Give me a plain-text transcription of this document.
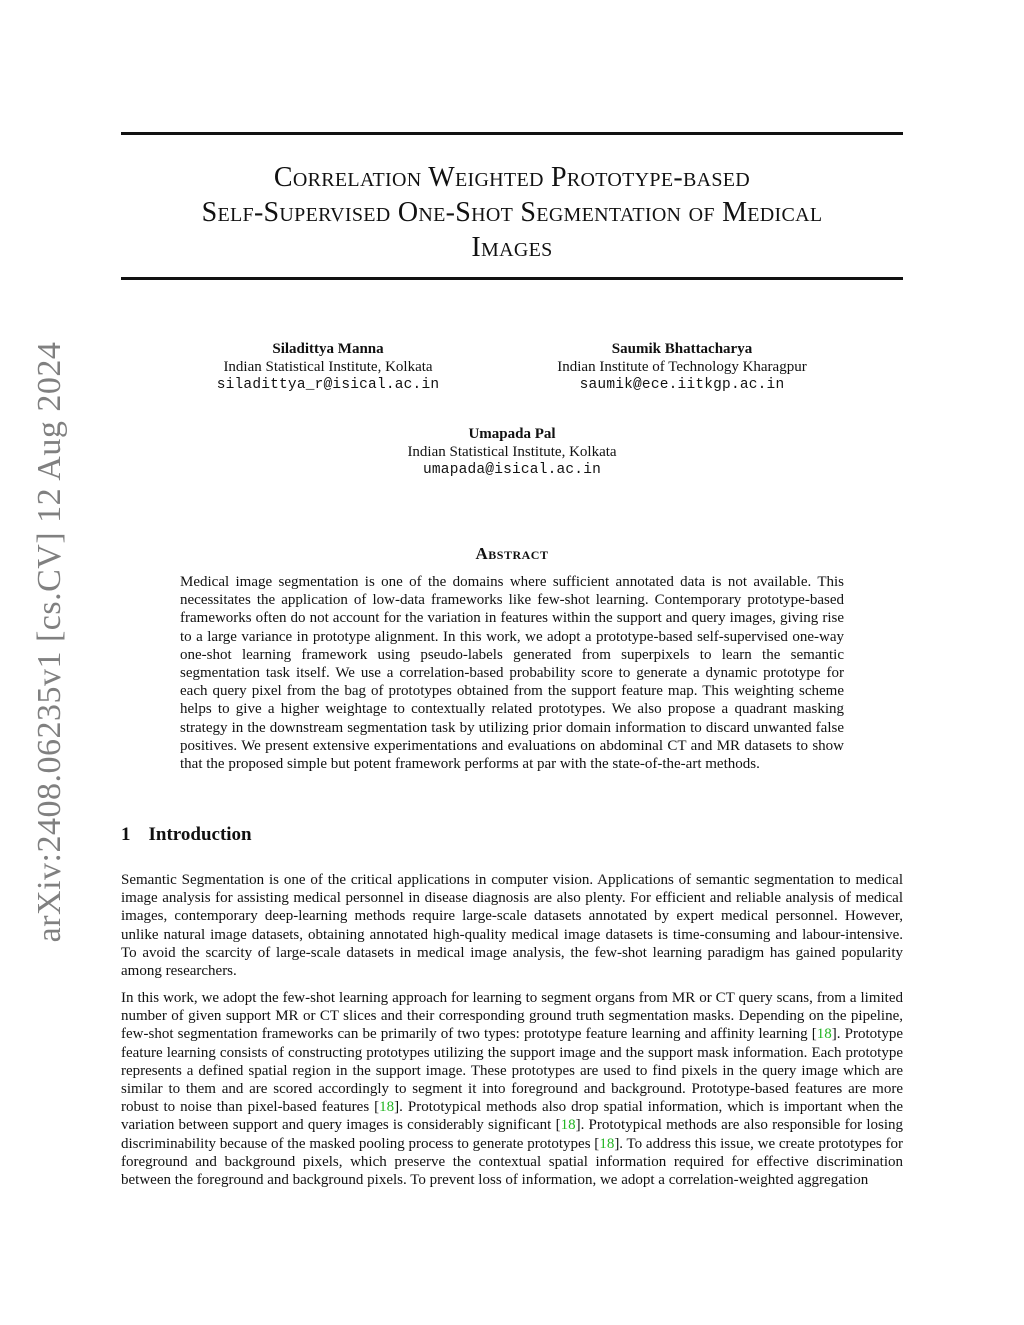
Correlation Weighted Prototype-based
Self-Supervised One-Shot Segmentation of Medical
Images
arXiv:2408.06235v1 [cs.CV] 12 Aug 2024	Siladittya Manna
Indian Statistical Institute, Kolkata
siladittya_r@isical.ac.in
Saumik Bhattacharya
Indian Institute of Technology Kharagpur
saumik@ece.iitkgp.ac.in
Umapada Pal
Indian Statistical Institute, Kolkata
umapada@isical.ac.in
Abstract

Medical image segmentation is one of the domains where sufficient annotated data is not available. This necessitates the application of low-data frameworks like few-shot learning. Contemporary prototype-based frameworks often do not account for the variation in features within the support and query images, giving rise to a large variance in prototype alignment. In this work, we adopt a prototype-based self-supervised one-way one-shot learning framework using pseudo-labels generated from superpixels to learn the semantic segmentation task itself. We use a correlation-based probability score to generate a dynamic prototype for each query pixel from the bag of prototypes obtained from the support feature map. This weighting scheme helps to give a higher weightage to contextually related prototypes. We also propose a quadrant masking strategy in the downstream segmentation task by utilizing prior domain information to discard unwanted false positives. We present extensive experimentations and evaluations on abdominal CT and MR datasets to show that the proposed simple but potent framework performs at par with the state-of-the-art methods.

1 Introduction

Semantic Segmentation is one of the critical applications in computer vision. Applications of semantic segmentation to medical image analysis for assisting medical personnel in disease diagnosis are also plenty. For efficient and reliable analysis of medical images, contemporary deep-learning methods require large-scale datasets annotated by expert medical personnel. However, unlike natural image datasets, obtaining annotated high-quality medical image datasets is time-consuming and labour-intensive. To avoid the scarcity of large-scale datasets in medical image analysis, the few-shot learning paradigm has gained popularity among researchers.

In this work, we adopt the few-shot learning approach for learning to segment organs from MR or CT query scans, from a limited number of given support MR or CT slices and their corresponding ground truth segmentation masks. Depending on the pipeline, few-shot segmentation frameworks can be primarily of two types: prototype feature learning and affinity learning [18]. Prototype feature learning consists of constructing prototypes utilizing the support image and the support mask information. Each prototype represents a defined spatial region in the support image. These prototypes are used to find pixels in the query image which are similar to them and are scored accordingly to segment it into foreground and background. Prototype-based features are more robust to noise than pixel-based features [18]. Prototypical methods also drop spatial information, which is important when the variation between support and query images is considerably significant [18]. Prototypical methods are also responsible for losing discriminability because of the masked pooling process to generate prototypes [18]. To address this issue, we create prototypes for foreground and background pixels, which preserve the contextual spatial information required for effective discrimination between the foreground and background pixels. To prevent loss of information, we adopt a correlation-weighted aggregation
